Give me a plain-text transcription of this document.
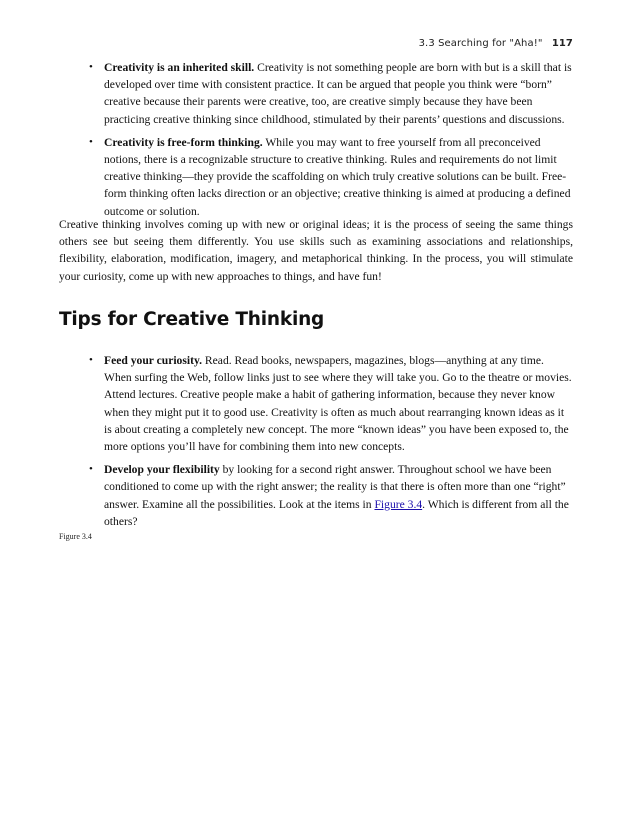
3.3 Searching for "Aha!" 117
• Creativity is an inherited skill. Creativity is not something people are born with but is a skill that is developed over time with consistent practice. It can be argued that people you think were “born” creative because their parents were creative, too, are creative simply because they have been practicing creative thinking since childhood, stimulated by their parents’ questions and discussions.
• Creativity is free-form thinking. While you may want to free yourself from all preconceived notions, there is a recognizable structure to creative thinking. Rules and requirements do not limit creative thinking—they provide the scaffolding on which truly creative solutions can be built. Free-form thinking often lacks direction or an objective; creative thinking is aimed at producing a defined outcome or solution.

Creative thinking involves coming up with new or original ideas; it is the process of seeing the same things others see but seeing them differently. You use skills such as examining associations and relationships, flexibility, elaboration, modification, imagery, and metaphorical thinking. In the process, you will stimulate your curiosity, come up with new approaches to things, and have fun!

Tips for Creative Thinking
• Feed your curiosity. Read. Read books, newspapers, magazines, blogs—anything at any time. When surfing the Web, follow links just to see where they will take you. Go to the theatre or movies. Attend lectures. Creative people make a habit of gathering information, because they never know when they might put it to good use. Creativity is often as much about rearranging known ideas as it is about creating a completely new concept. The more “known ideas” you have been exposed to, the more options you’ll have for combining them into new concepts.
• Develop your flexibility by looking for a second right answer. Throughout school we have been conditioned to come up with the right answer; the reality is that there is often more than one “right” answer. Examine all the possibilities. Look at the items in Figure 3.4. Which is different from all the others?
Figure 3.4
